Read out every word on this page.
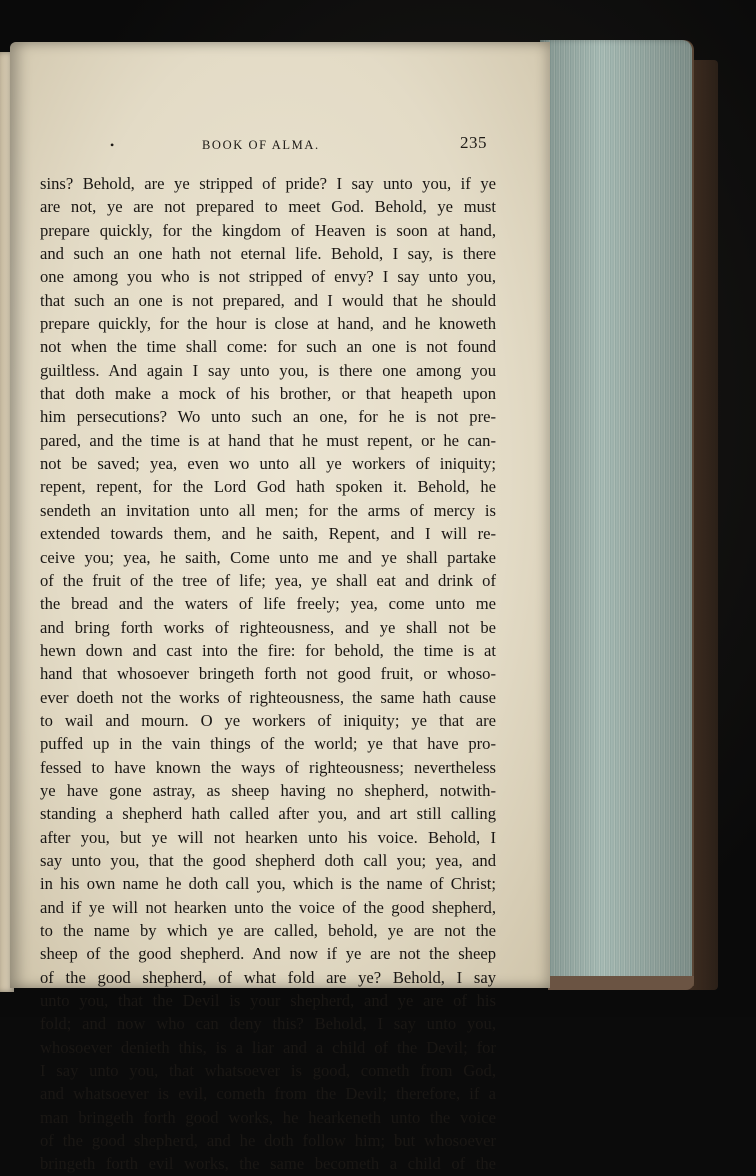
•	BOOK OF ALMA.	235
sins? Behold, are ye stripped of pride? I say unto you, if ye
are not, ye are not prepared to meet God. Behold, ye must
prepare quickly, for the kingdom of Heaven is soon at hand,
and such an one hath not eternal life. Behold, I say, is there
one among you who is not stripped of envy? I say unto you,
that such an one is not prepared, and I would that he should
prepare quickly, for the hour is close at hand, and he knoweth
not when the time shall come: for such an one is not found
guiltless. And again I say unto you, is there one among you
that doth make a mock of his brother, or that heapeth upon
him persecutions? Wo unto such an one, for he is not pre-
pared, and the time is at hand that he must repent, or he can-
not be saved; yea, even wo unto all ye workers of iniquity;
repent, repent, for the Lord God hath spoken it. Behold, he
sendeth an invitation unto all men; for the arms of mercy is
extended towards them, and he saith, Repent, and I will re-
ceive you; yea, he saith, Come unto me and ye shall partake
of the fruit of the tree of life; yea, ye shall eat and drink of
the bread and the waters of life freely; yea, come unto me
and bring forth works of righteousness, and ye shall not be
hewn down and cast into the fire: for behold, the time is at
hand that whosoever bringeth forth not good fruit, or whoso-
ever doeth not the works of righteousness, the same hath cause
to wail and mourn. O ye workers of iniquity; ye that are
puffed up in the vain things of the world; ye that have pro-
fessed to have known the ways of righteousness; nevertheless
ye have gone astray, as sheep having no shepherd, notwith-
standing a shepherd hath called after you, and art still calling
after you, but ye will not hearken unto his voice. Behold, I
say unto you, that the good shepherd doth call you; yea, and
in his own name he doth call you, which is the name of Christ;
and if ye will not hearken unto the voice of the good shepherd,
to the name by which ye are called, behold, ye are not the
sheep of the good shepherd. And now if ye are not the sheep
of the good shepherd, of what fold are ye? Behold, I say
unto you, that the Devil is your shepherd, and ye are of his
fold; and now who can deny this? Behold, I say unto you,
whosoever denieth this, is a liar and a child of the Devil; for
I say unto you, that whatsoever is good, cometh from God,
and whatsoever is evil, cometh from the Devil; therefore, if a
man bringeth forth good works, he hearkeneth unto the voice
of the good shepherd, and he doth follow him; but whosoever
bringeth forth evil works, the same becometh a child of the
